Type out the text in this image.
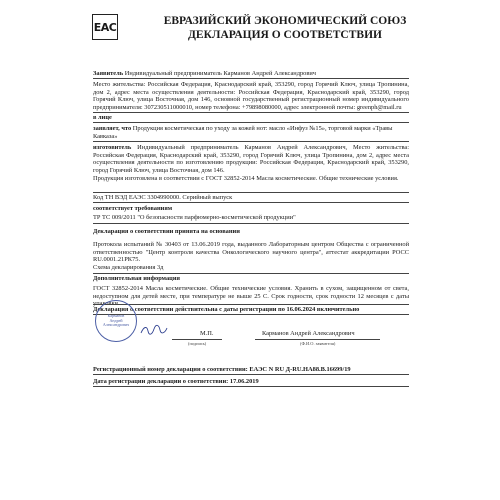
ЕАС	ЕВРАЗИЙСКИЙ ЭКОНОМИЧЕСКИЙ СОЮЗ
ДЕКЛАРАЦИЯ О СООТВЕТСТВИИ
Заявитель Индивидуальный предприниматель Карманов Андрей Александрович
Место жительства: Российская Федерация, Краснодарский край, 353290, город Горячий Ключ, улица Тропинина, дом 2, адрес места осуществления деятельности: Российская Федерация, Краснодарский край, 353290, город Горячий Ключ, улица Восточная, дом 146, основной государственный регистрационный номер индивидуального предпринимателя: 307230511000010, номер телефона: +79898080000, адрес электронной почты: greenph@mail.ru
в лице
заявляет, что Продукция косметическая по уходу за кожей нот: масло «Инфуз №15», торговой марки «Травы Кавказа»
изготовитель Индивидуальный предприниматель Карманов Андрей Александрович, Место жительства: Российская Федерация, Краснодарский край, 353290, город Горячий Ключ, улица Тропинина, дом 2, адрес места осуществления деятельности по изготовлению продукции: Российская Федерация, Краснодарский край, 353290, город Горячий Ключ, улица Восточная, дом 146.
Продукция изготовлена в соответствии с ГОСТ 32852-2014 Масла косметические. Общие технические условия.
Код ТН ВЭД ЕАЭС 3304990000. Серийный выпуск
соответствует требованиям
ТР ТС 009/2011 "О безопасности парфюмерно-косметической продукции"
Декларация о соответствии принята на основании
Протокола испытаний № 30403 от 13.06.2019 года, выданного Лабораторным центром Общества с ограниченной ответственностью "Центр контроля качества Онкологического научного центра", аттестат аккредитации РОСС RU.0001.21РК75.
Схема декларирования 3д
Дополнительная информация
ГОСТ 32852-2014 Масла косметические. Общие технические условия. Хранить в сухом, защищенном от света, недоступном для детей месте, при температуре не выше 25 С. Срок годности, срок годности 12 месяцев с даты упаковки.
Декларация о соответствии действительна с даты регистрации по 16.06.2024 включительно
Карманов Андрей Александрович
М.П.
(подпись)
Карманов Андрей Александрович
(Ф.И.О. заявителя)
Регистрационный номер декларации о соответствии: ЕАЭС N RU Д-RU.НА88.В.16699/19
Дата регистрации декларации о соответствии: 17.06.2019
